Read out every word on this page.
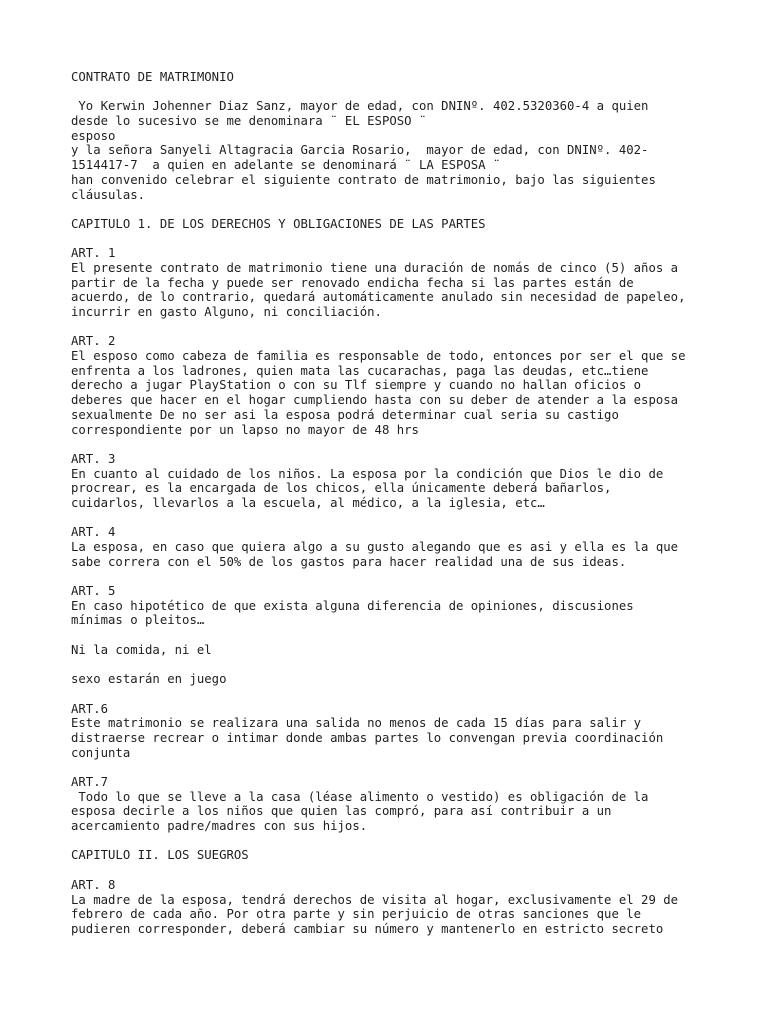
CONTRATO DE MATRIMONIO
Yo Kerwin Johenner Diaz Sanz, mayor de edad, con DNINº. 402.5320360-4 a quien
desde lo sucesivo se me denominara ¨ EL ESPOSO ¨
esposo
y la señora Sanyeli Altagracia Garcia Rosario,  mayor de edad, con DNINº. 402-
1514417-7  a quien en adelante se denominará ¨ LA ESPOSA ¨
han convenido celebrar el siguiente contrato de matrimonio, bajo las siguientes
cláusulas.
CAPITULO 1. DE LOS DERECHOS Y OBLIGACIONES DE LAS PARTES
ART. 1
El presente contrato de matrimonio tiene una duración de nomás de cinco (5) años a
partir de la fecha y puede ser renovado endicha fecha si las partes están de
acuerdo, de lo contrario, quedará automáticamente anulado sin necesidad de papeleo,
incurrir en gasto Alguno, ni conciliación.
ART. 2
El esposo como cabeza de familia es responsable de todo, entonces por ser el que se
enfrenta a los ladrones, quien mata las cucarachas, paga las deudas, etc…tiene
derecho a jugar PlayStation o con su Tlf siempre y cuando no hallan oficios o
deberes que hacer en el hogar cumpliendo hasta con su deber de atender a la esposa
sexualmente De no ser asi la esposa podrá determinar cual seria su castigo
correspondiente por un lapso no mayor de 48 hrs
ART. 3
En cuanto al cuidado de los niños. La esposa por la condición que Dios le dio de
procrear, es la encargada de los chicos, ella únicamente deberá bañarlos,
cuidarlos, llevarlos a la escuela, al médico, a la iglesia, etc…
ART. 4
La esposa, en caso que quiera algo a su gusto alegando que es asi y ella es la que
sabe correra con el 50% de los gastos para hacer realidad una de sus ideas.
ART. 5
En caso hipotético de que exista alguna diferencia de opiniones, discusiones
mínimas o pleitos…
Ni la comida, ni el
sexo estarán en juego
ART.6
Este matrimonio se realizara una salida no menos de cada 15 días para salir y
distraerse recrear o intimar donde ambas partes lo convengan previa coordinación
conjunta
ART.7
Todo lo que se lleve a la casa (léase alimento o vestido) es obligación de la
esposa decirle a los niños que quien las compró, para así contribuir a un
acercamiento padre/madres con sus hijos.
CAPITULO II. LOS SUEGROS
ART. 8
La madre de la esposa, tendrá derechos de visita al hogar, exclusivamente el 29 de
febrero de cada año. Por otra parte y sin perjuicio de otras sanciones que le
pudieren corresponder, deberá cambiar su número y mantenerlo en estricto secreto
